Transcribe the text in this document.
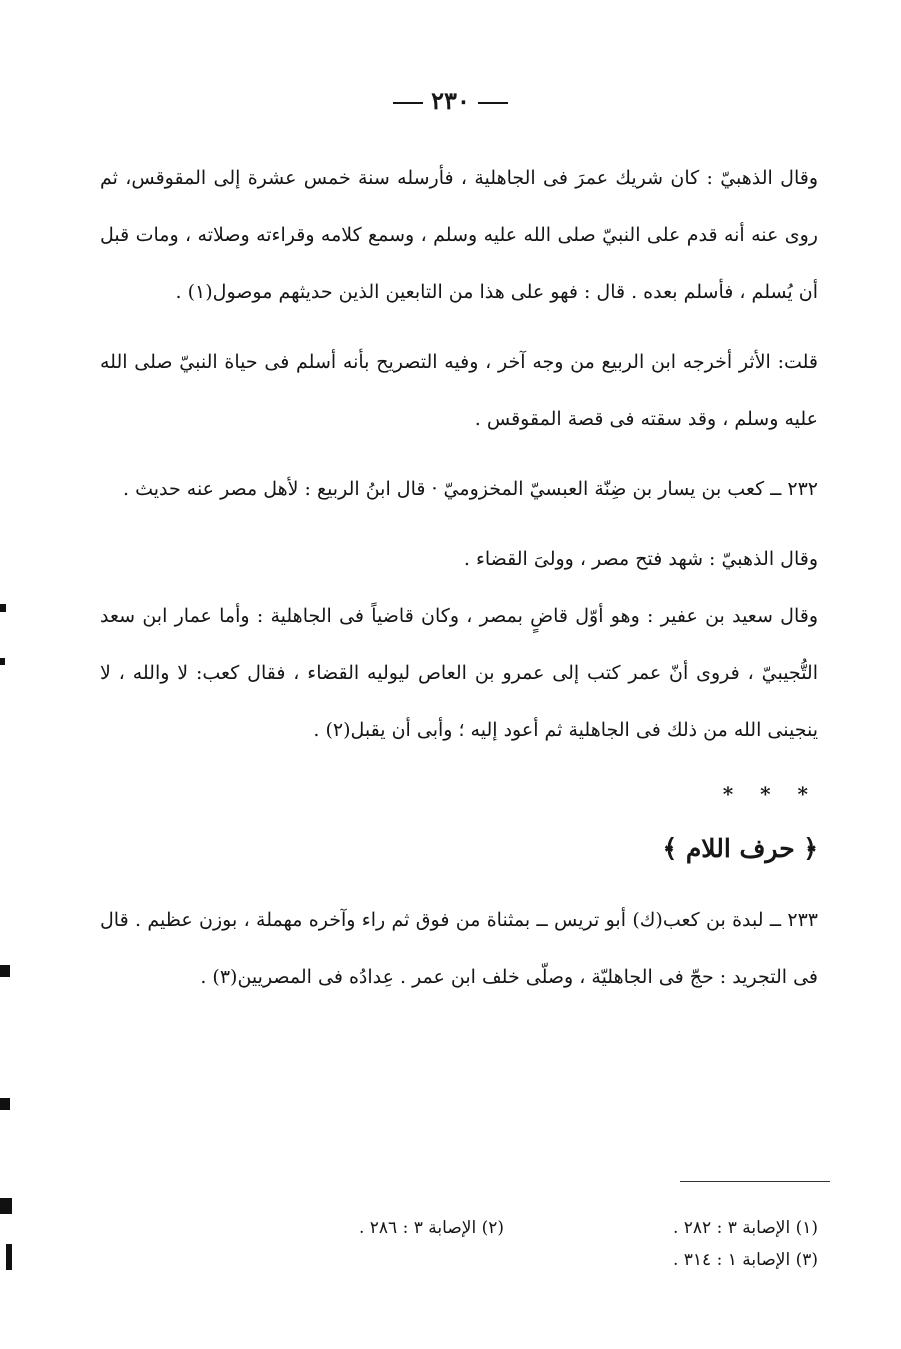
٢٣٠

وقال الذهبيّ : كان شريك عمرَ فى الجاهلية ، فأرسله سنة خمس عشرة إلى المقوقس، ثم روى عنه أنه قدم على النبيّ صلى الله عليه وسلم ، وسمع كلامه وقراءته وصلاته ، ومات قبل أن يُسلم ، فأسلم بعده . قال : فهو على هذا من التابعين الذين حديثهم موصول(١) .

قلت: الأثر أخرجه ابن الربيع من وجه آخر ، وفيه التصريح بأنه أسلم فى حياة النبيّ صلى الله عليه وسلم ، وقد سقته فى قصة المقوقس .

٢٣٢ ــ كعب بن يسار بن ضِنّة العبسيّ المخزوميّ · قال ابنُ الربيع : لأهل مصر عنه حديث .

وقال الذهبيّ : شهد فتح مصر ، وولىَ القضاء .

وقال سعيد بن عفير : وهو أوّل قاضٍ بمصر ، وكان قاضياً فى الجاهلية : وأما عمار ابن سعد التُّجيبيّ ، فروى أنّ عمر كتب إلى عمرو بن العاص ليوليه القضاء ، فقال كعب: لا والله ، لا ينجينى الله من ذلك فى الجاهلية ثم أعود إليه ؛ وأبى أن يقبل(٢) .

* * *

﴿ حرف اللام ﴾

٢٣٣ ــ لبدة بن كعب(ك) أبو تريس ــ بمثناة من فوق ثم راء وآخره مهملة ، بوزن عظيم . قال فى التجريد : حجّ فى الجاهليّة ، وصلّى خلف ابن عمر . عِدادُه فى المصريين(٣) .

(١) الإصابة ٣ : ٢٨٢ .
(٢) الإصابة ٣ : ٢٨٦ .
(٣) الإصابة ١ : ٣١٤ .
